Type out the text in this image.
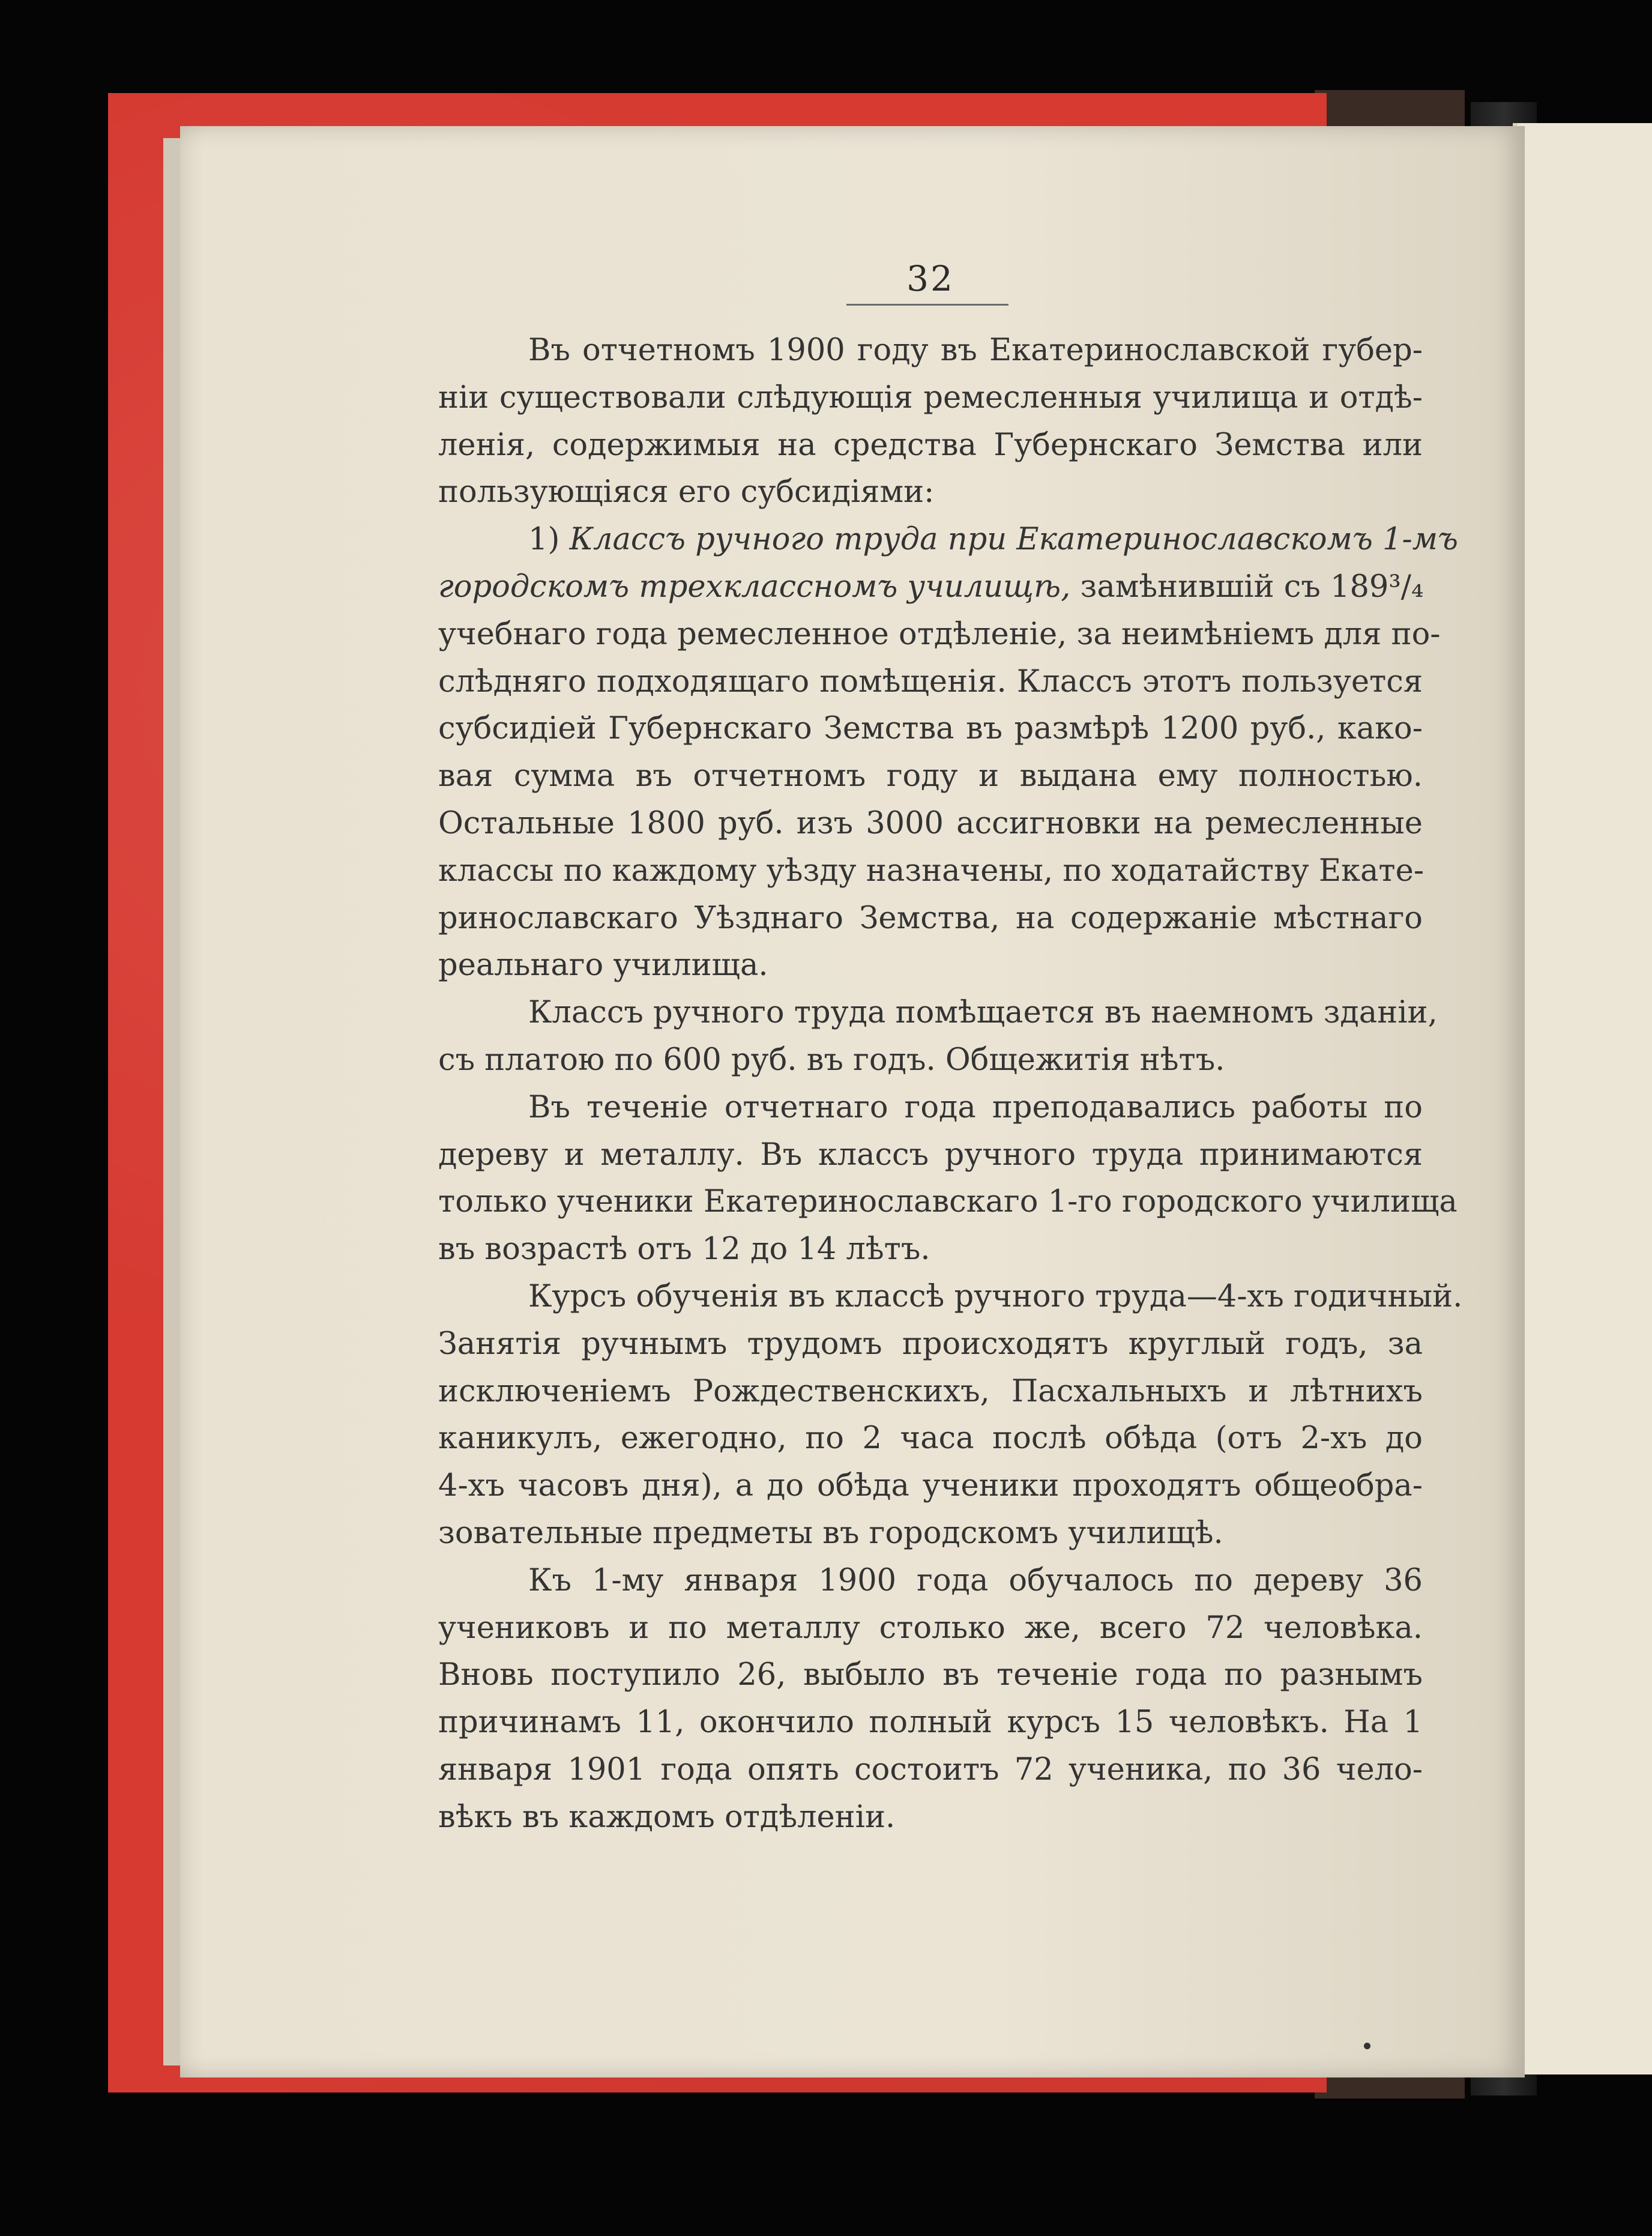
32
Въ отчетномъ 1900 году въ Екатеринославской губер-
ніи существовали слѣдующія ремесленныя училища и отдѣ-
ленія, содержимыя на средства Губернскаго Земства или
пользующіяся его субсидіями:
1) Классъ ручного труда при Екатеринославскомъ 1-мъ
городскомъ трехклассномъ училищѣ, замѣнившій съ 189³/₄
учебнаго года ремесленное отдѣленіе, за неимѣніемъ для по-
слѣдняго подходящаго помѣщенія. Классъ этотъ пользуется
субсидіей Губернскаго Земства въ размѣрѣ 1200 руб., како-
вая сумма въ отчетномъ году и выдана ему полностью.
Остальные 1800 руб. изъ 3000 ассигновки на ремесленные
классы по каждому уѣзду назначены, по ходатайству Екате-
ринославскаго Уѣзднаго Земства, на содержаніе мѣстнаго
реальнаго училища.
Классъ ручного труда помѣщается въ наемномъ зданіи,
съ платою по 600 руб. въ годъ. Общежитія нѣтъ.
Въ теченіе отчетнаго года преподавались работы по
дереву и металлу. Въ классъ ручного труда принимаются
только ученики Екатеринославскаго 1-го городского училища
въ возрастѣ отъ 12 до 14 лѣтъ.
Курсъ обученія въ классѣ ручного труда—4-хъ годичный.
Занятія ручнымъ трудомъ происходятъ круглый годъ, за
исключеніемъ Рождественскихъ, Пасхальныхъ и лѣтнихъ
каникулъ, ежегодно, по 2 часа послѣ обѣда (отъ 2-хъ до
4-хъ часовъ дня), а до обѣда ученики проходятъ общеобра-
зовательные предметы въ городскомъ училищѣ.
Къ 1-му января 1900 года обучалось по дереву 36
учениковъ и по металлу столько же, всего 72 человѣка.
Вновь поступило 26, выбыло въ теченіе года по разнымъ
причинамъ 11, окончило полный курсъ 15 человѣкъ. На 1
января 1901 года опять состоитъ 72 ученика, по 36 чело-
вѣкъ въ каждомъ отдѣленіи.
